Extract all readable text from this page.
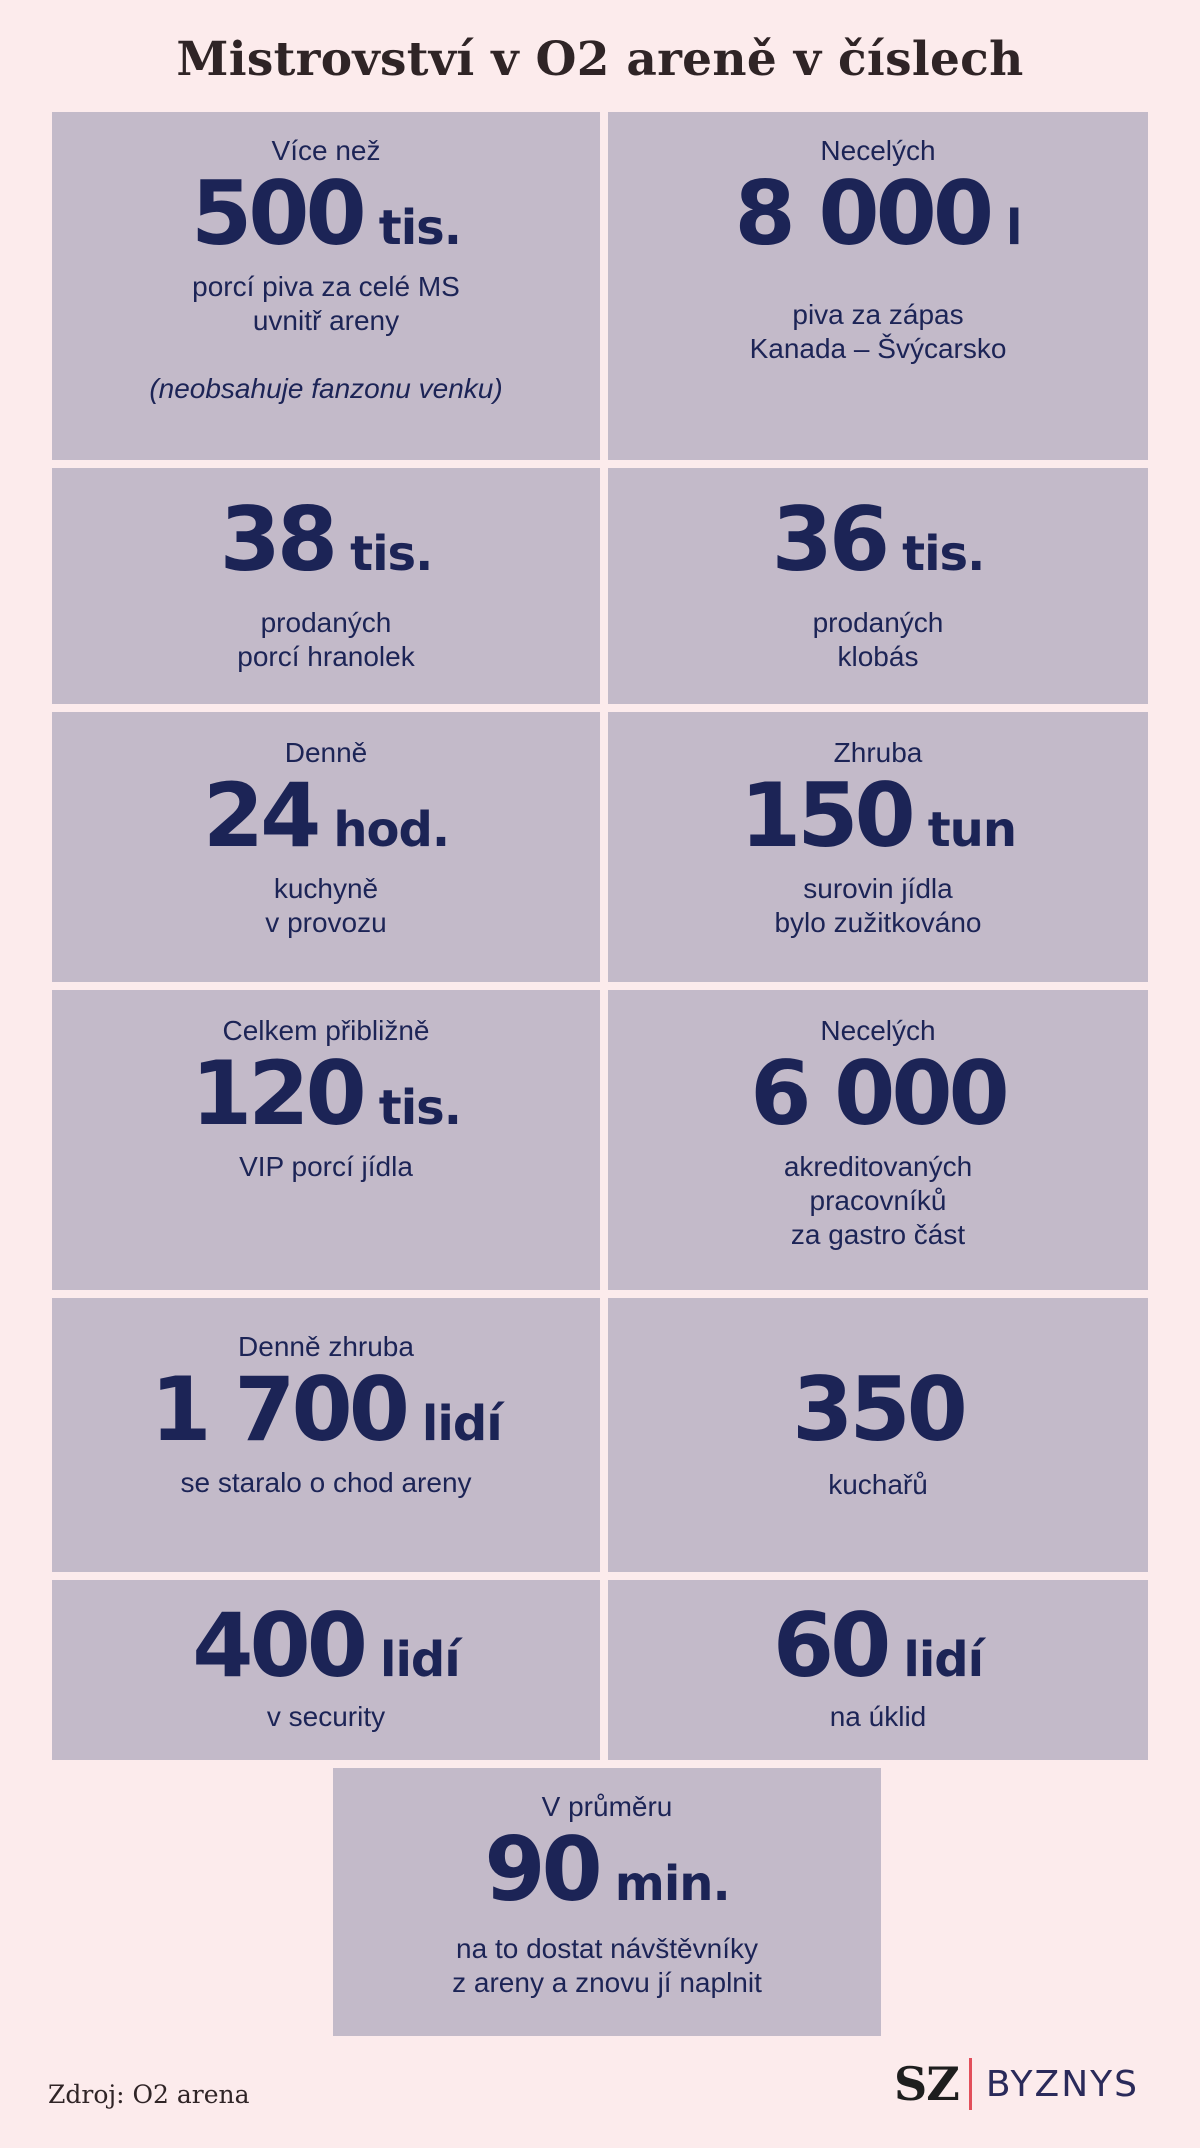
Mistrovství v O2 areně v číslech
Více než
500 tis.
porcí piva za celé MS
uvnitř areny
(neobsahuje fanzonu venku)
Necelých
8 000 l
piva za zápas
Kanada – Švýcarsko
38 tis.
prodaných
porcí hranolek
36 tis.
prodaných
klobás
Denně
24 hod.
kuchyně
v provozu
Zhruba
150 tun
surovin jídla
bylo zužitkováno
Celkem přibližně
120 tis.
VIP porcí jídla
Necelých
6 000
akreditovaných
pracovníků
za gastro část
Denně zhruba
1 700 lidí
se staralo o chod areny
350
kuchařů
400 lidí
v security
60 lidí
na úklid
V průměru
90 min.
na to dostat návštěvníky
z areny a znovu jí naplnit
Zdroj: O2 arena	SZ BYZNYS
